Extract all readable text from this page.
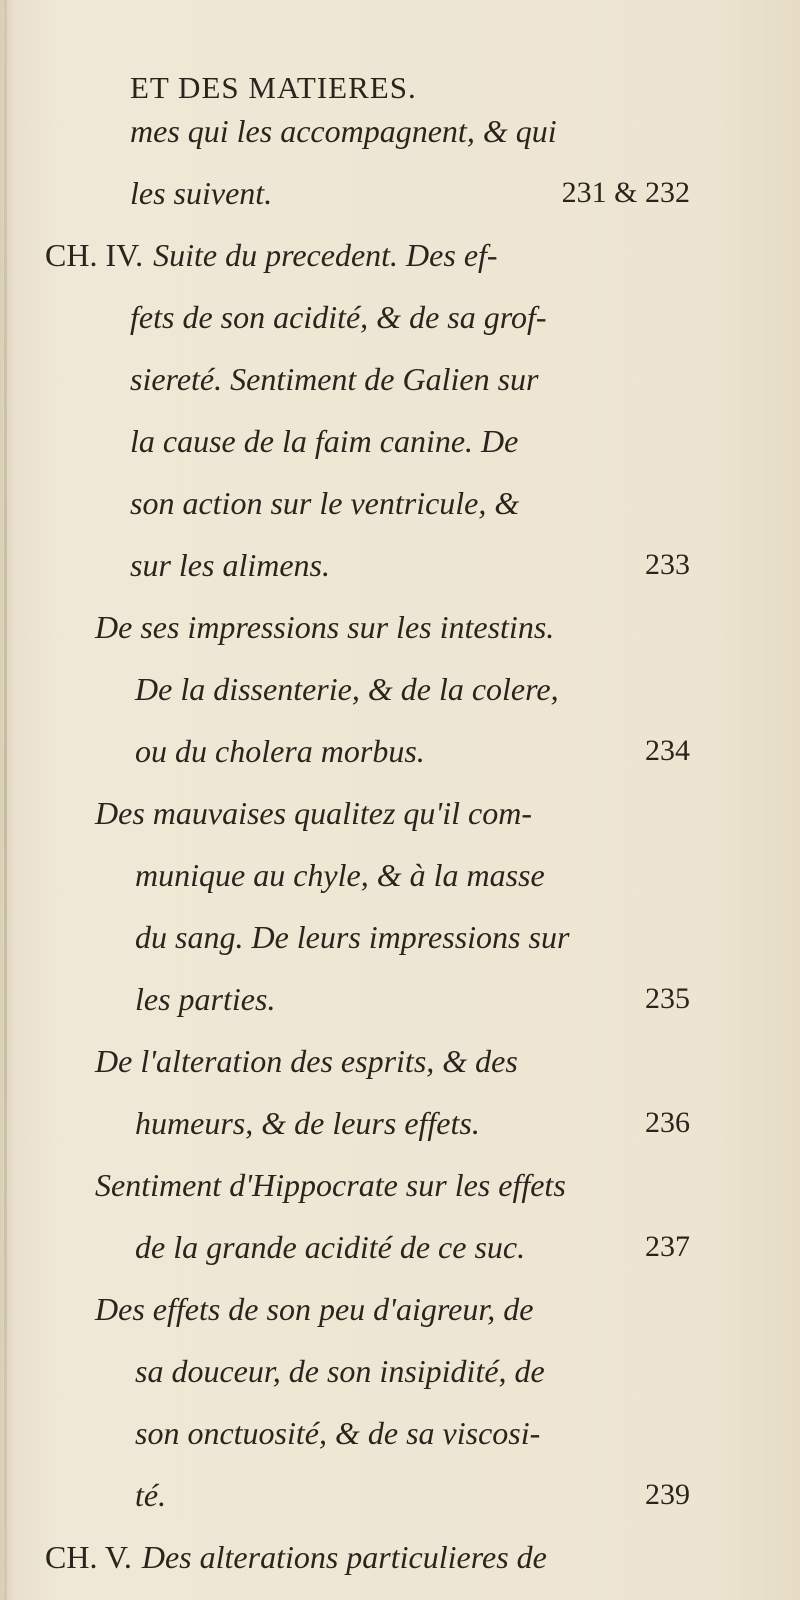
ET DES MATIERES.
mes qui les accompagnent, & qui
les suivent.	231 & 232
CH. IV. Suite du precedent. Des ef-
fets de son acidité, & de sa grof-
siereté. Sentiment de Galien sur
la cause de la faim canine. De
son action sur le ventricule, &
sur les alimens.	233
De ses impressions sur les intestins.
De la dissenterie, & de la colere,
ou du cholera morbus.	234
Des mauvaises qualitez qu'il com-
munique au chyle, & à la masse
du sang. De leurs impressions sur
les parties.	235
De l'alteration des esprits, & des
humeurs, & de leurs effets.	236
Sentiment d'Hippocrate sur les effets
de la grande acidité de ce suc.	237
Des effets de son peu d'aigreur, de
sa douceur, de son insipidité, de
son onctuosité, & de sa viscosi-
té.	239
CH. V. Des alterations particulieres de
